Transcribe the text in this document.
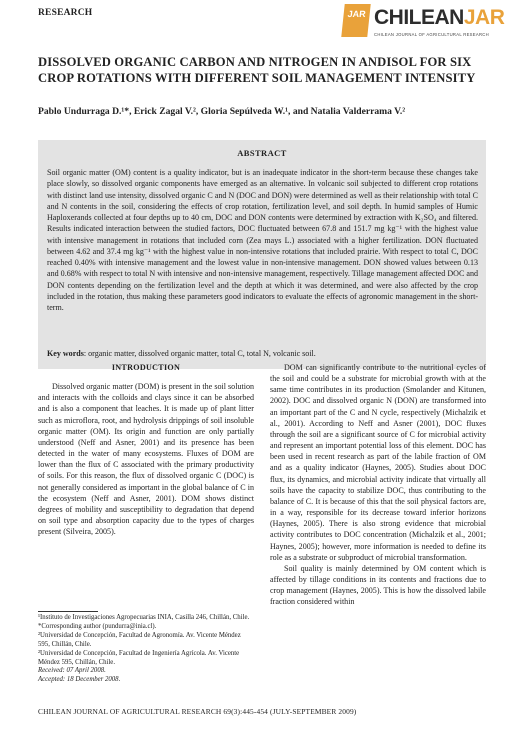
RESEARCH	JAR CHILEANJAR
CHILEAN JOURNAL OF AGRICULTURAL RESEARCH
DISSOLVED ORGANIC CARBON AND NITROGEN IN ANDISOL FOR SIX CROP ROTATIONS WITH DIFFERENT SOIL MANAGEMENT INTENSITY
Pablo Undurraga D.¹*, Erick Zagal V.², Gloria Sepúlveda W.¹, and Natalia Valderrama V.²
ABSTRACT
Soil organic matter (OM) content is a quality indicator, but is an inadequate indicator in the short-term because these changes take place slowly, so dissolved organic components have emerged as an alternative. In volcanic soil subjected to different crop rotations with distinct land use intensity, dissolved organic C and N (DOC and DON) were determined as well as their relationship with total C and N contents in the soil, considering the effects of crop rotation, fertilization level, and soil depth. In humid samples of Humic Haploxerands collected at four depths up to 40 cm, DOC and DON contents were determined by extraction with K₂SO₄ and filtered. Results indicated interaction between the studied factors, DOC fluctuated between 67.8 and 151.7 mg kg⁻¹ with the highest value with intensive management in rotations that included corn (Zea mays L.) associated with a higher fertilization. DON fluctuated between 4.62 and 37.4 mg kg⁻¹ with the highest value in non-intensive rotations that included prairie. With respect to total C, DOC reached 0.40% with intensive management and the lowest value in non-intensive management. DON showed values between 0.13 and 0.68% with respect to total N with intensive and non-intensive management, respectively. Tillage management affected DOC and DON contents depending on the fertilization level and the depth at which it was determined, and were also affected by the crop included in the rotation, thus making these parameters good indicators to evaluate the effects of agronomic management in the short-term.
Key words: organic matter, dissolved organic matter, total C, total N, volcanic soil.
INTRODUCTION

Dissolved organic matter (DOM) is present in the soil solution and interacts with the colloids and clays since it can be absorbed and is also a component that leaches. It is made up of plant litter such as microflora, root, and hydrolysis drippings of soil insoluble organic matter (OM). Its origin and function are only partially understood (Neff and Asner, 2001) and its presence has been detected in the water of many ecosystems. Fluxes of DOM are lower than the flux of C associated with the primary productivity of soils. For this reason, the flux of dissolved organic C (DOC) is not generally considered as important in the global balance of C in the ecosystem (Neff and Asner, 2001). DOM shows distinct degrees of mobility and susceptibility to degradation that depend on soil type and absorption capacity due to the types of charges present (Silveira, 2005).

DOM can significantly contribute to the nutritional cycles of the soil and could be a substrate for microbial growth with at the same time contributes in its production (Smolander and Kitunen, 2002). DOC and dissolved organic N (DON) are transformed into an important part of the C and N cycle, respectively (Michalzik et al., 2001). According to Neff and Asner (2001), DOC fluxes through the soil are a significant source of C for microbial activity and represent an important potential loss of this element. DOC has been used in recent research as part of the labile fraction of OM and as a quality indicator (Haynes, 2005). Studies about DOC flux, its dynamics, and microbial activity indicate that virtually all soils have the capacity to stabilize DOC, thus contributing to the balance of C. It is because of this that the soil physical factors are, in a way, responsible for its decrease toward inferior horizons (Haynes, 2005). There is also strong evidence that microbial activity contributes to DOC concentration (Michalzik et al., 2001; Haynes, 2005); however, more information is needed to define its role as a substrate or subproduct of microbial transformation.

Soil quality is mainly determined by OM content which is affected by tillage conditions in its contents and fractions due to crop management (Haynes, 2005). This is how the dissolved labile fraction considered within

¹Instituto de Investigaciones Agropecuarias INIA, Casilla 246, Chillán, Chile. *Corresponding author (pundurra@inia.cl).
²Universidad de Concepción, Facultad de Agronomía. Av. Vicente Méndez 595, Chillán, Chile.
²Universidad de Concepción, Facultad de Ingeniería Agrícola. Av. Vicente Méndez 595, Chillán, Chile.
Received: 07 April 2008.
Accepted: 18 December 2008.
CHILEAN JOURNAL OF AGRICULTURAL RESEARCH 69(3):445-454 (JULY-SEPTEMBER 2009)
